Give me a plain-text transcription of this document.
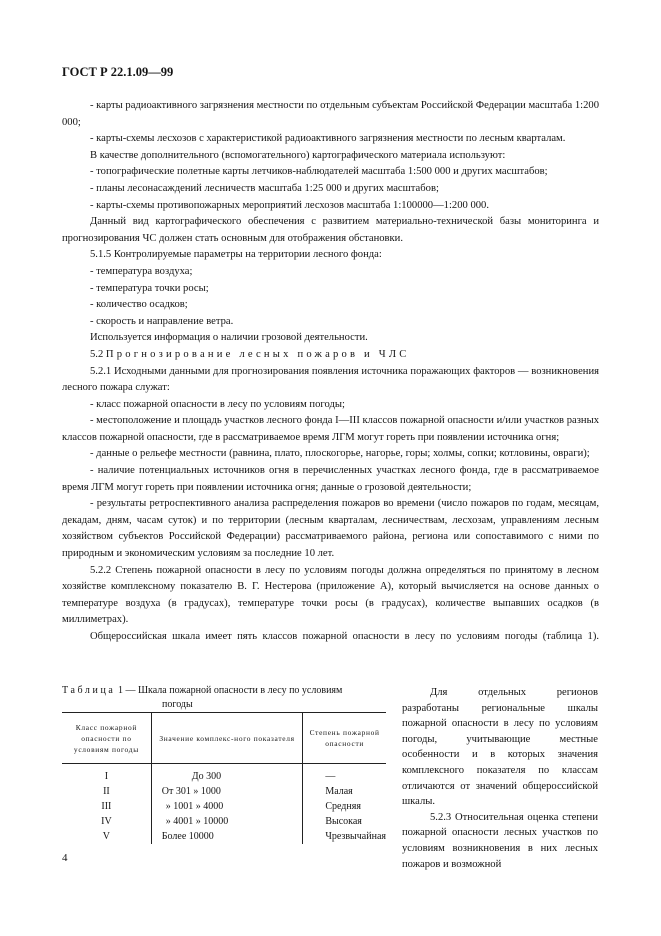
ГОСТ Р 22.1.09—99

- карты радиоактивного загрязнения местности по отдельным субъектам Российской Федерации масштаба 1:200 000;

- карты-схемы лесхозов с характеристикой радиоактивного загрязнения местности по лесным кварталам.

В качестве дополнительного (вспомогательного) картографического материала используют:

- топографические полетные карты летчиков-наблюдателей масштаба 1:500 000 и других масштабов;

- планы лесонасаждений лесничеств масштаба 1:25 000 и других масштабов;

- карты-схемы противопожарных мероприятий лесхозов масштаба 1:100000—1:200 000.

Данный вид картографического обеспечения с развитием материально-технической базы мониторинга и прогнозирования ЧС должен стать основным для отображения обстановки.

5.1.5 Контролируемые параметры на территории лесного фонда:

- температура воздуха;

- температура точки росы;

- количество осадков;

- скорость и направление ветра.

Используется информация о наличии грозовой деятельности.

5.2 Прогнозирование лесных пожаров и ЧЛС

5.2.1 Исходными данными для прогнозирования появления источника поражающих факторов — возникновения лесного пожара служат:

- класс пожарной опасности в лесу по условиям погоды;

- местоположение и площадь участков лесного фонда I—III классов пожарной опасности и/или участков разных классов пожарной опасности, где в рассматриваемое время ЛГМ могут гореть при появлении источника огня;

- данные о рельефе местности (равнина, плато, плоскогорье, нагорье, горы; холмы, сопки; котловины, овраги);

- наличие потенциальных источников огня в перечисленных участках лесного фонда, где в рассматриваемое время ЛГМ могут гореть при появлении источника огня; данные о грозовой деятельности;

- результаты ретроспективного анализа распределения пожаров во времени (число пожаров по годам, месяцам, декадам, дням, часам суток) и по территории (лесным кварталам, лесничествам, лесхозам, управлениям лесным хозяйством субъектов Российской Федерации) рассматриваемого района, региона или сопоставимого с ними по природным и экономическим условиям за последние 10 лет.

5.2.2 Степень пожарной опасности в лесу по условиям погоды должна определяться по принятому в лесном хозяйстве комплексному показателю В. Г. Нестерова (приложение А), который вычисляется на основе данных о температуре воздуха (в градусах), температуре точки росы (в градусах), количестве выпавших осадков (в миллиметрах).

Общероссийская шкала имеет пять классов пожарной опасности в лесу по условиям погоды (таблица 1).

Таблица 1 — Шкала пожарной опасности в лесу по условиям
погоды
Класс пожарной опасности по условиям погоды	Значение комплекс-ного показателя	Степень пожарной опасности
I	До 300	—
II	От 301 » 1000	Малая
III	» 1001 » 4000	Средняя
IV	» 4001 » 10000	Высокая
V	Более 10000	Чрезвычайная

Для отдельных регионов разработаны региональные шкалы пожарной опасности в лесу по условиям погоды, учитывающие местные особенности и в которых значения комплексного показателя по классам отличаются от значений общероссийской шкалы.

5.2.3 Относительная оценка степени пожарной опасности лесных участков по условиям возникновения в них лесных пожаров и возможной

4
